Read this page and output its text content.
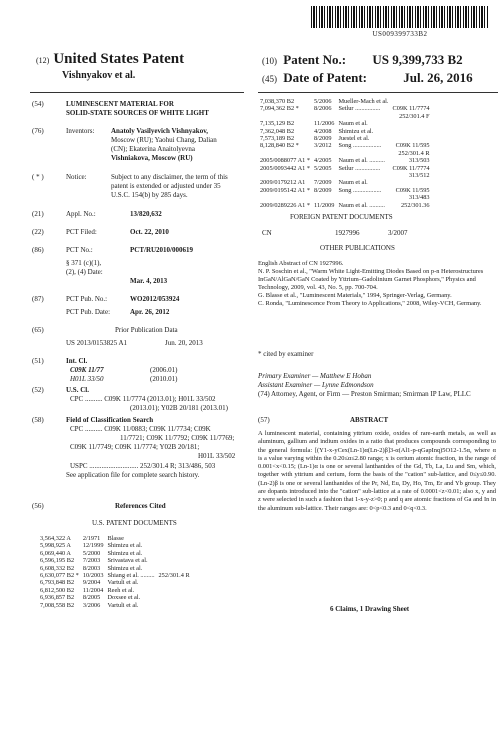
US009399733B2
(12) United States Patent
Vishnyakov et al.
(10) Patent No.: US 9,399,733 B2
(45) Date of Patent:	Jul. 26, 2016
(54)	LUMINESCENT MATERIAL FOR
SOLID-STATE SOURCES OF WHITE LIGHT
(76)	Inventors: Anatoly Vasilyevich Vishnyakov,
Moscow (RU); Yaohui Chang, Dalian
(CN); Ekaterina Anaitolyevna
Vishniakova, Moscow (RU)
( * )	Notice:	Subject to any disclaimer, the term of this
patent is extended or adjusted under 35
U.S.C. 154(b) by 285 days.
(21)	Appl. No.:	13/820,632
(22)	PCT Filed:	Oct. 22, 2010
(86)	PCT No.:	PCT/RU2010/000619
§ 371 (c)(1),
(2), (4) Date:
Mar. 4, 2013
(87)	PCT Pub. No.:	WO2012/053924
PCT Pub. Date:	Apr. 26, 2012
(65)	Prior Publication Data
US 2013/0153825 A1	Jun. 20, 2013
(51)	Int. Cl.
C09K 11/77	(2006.01)
H01L 33/50	(2010.01)
(52)	U.S. Cl.
CPC .......... C09K 11/7774 (2013.01); H01L 33/502
(2013.01); Y02B 20/181 (2013.01)
(58)	Field of Classification Search
CPC .......... C09K 11/0883; C09K 11/7734; C09K
11/7721; C09K 11/7792; C09K 11/7769;
C09K 11/7749; C09K 11/7774; Y02B 20/181;
H01L 33/502
USPC ............................ 252/301.4 R; 313/486, 503
See application file for complete search history.
(56)	References Cited
U.S. PATENT DOCUMENTS
3,564,322 A	2/1971	Blasse	
5,998,925 A	12/1999	Shimizu et al.	
6,069,440 A	5/2000	Shimizu et al.	
6,596,195 B2	7/2003	Srivastava et al.	
6,608,332 B2	8/2003	Shimizu et al.	
6,630,077 B2 *	10/2003	Shiang et al. .........	252/301.4 R
6,793,848 B2	9/2004	Vartuli et al.	
6,812,500 B2	11/2004	Reeh et al.	
6,936,857 B2	8/2005	Doxsee et al.	
7,008,558 B2	3/2006	Vartuli et al.	
7,038,370 B2	5/2006	Mueller-Mach et al.	
7,094,362 B2 *	8/2006	Setlur ................	C09K 11/7774
			252/301.4 F
7,135,129 B2	11/2006	Naum et al.	
7,362,048 B2	4/2008	Shimizu et al.	
7,573,189 B2	8/2009	Juestel et al.	
8,128,840 B2 *	3/2012	Song ..................	C09K 11/595
			252/301.4 R
2005/0088077 A1 *	4/2005	Naum et al. ..........	313/503
2005/0093442 A1 *	5/2005	Setlur ................	C09K 11/7774
			313/512
2009/0179212 A1	7/2009	Naum et al.	
2009/0195142 A1 *	8/2009	Song ..................	C09K 11/595
			313/483
2009/0289226 A1 *	11/2009	Naum et al. ..........	252/301.36
FOREIGN PATENT DOCUMENTS
CN	1927996	3/2007
OTHER PUBLICATIONS
English Abstract of CN 1927996.
N. P. Soschin et al., "Warm White Light-Emitting Diodes Based on p-n Heterostructures InGaN/AlGaN/GaN Coated by Yttrium–Gadolinium Garnet Phosphors," Physics and Technology, 2009, vol. 43, No. 5, pp. 700-704.
G. Blasse et al., "Luminescent Materials," 1994, Springer-Verlag, Germany.
C. Ronda, "Luminescence From Theory to Applications," 2008, Wiley-VCH, Germany.
* cited by examiner
Primary Examiner — Matthew E Hoban
Assistant Examiner — Lynne Edmondson
(74) Attorney, Agent, or Firm — Preston Smirman; Smirman IP Law, PLLC
(57)	ABSTRACT
A luminescent material, containing yttrium oxide, oxides of rare-earth metals, as well as aluminum, gallium and indium oxides in a ratio that produces compounds corresponding to the general formula: [(Y1-x-yCex(Ln-1)α(Ln-2)β]3-α(Al1-p-qGapInq)5O12-1.5α, where α is a value varying within the 0.20≤α≤2.80 range; x is cerium atomic fraction, in the range of 0.001<x<0.15; (Ln-1)α is one or several lanthanides of the Gd, Tb, La, Lu and Sm, which, together with yttrium and cerium, form the basis of the "cation" sub-lattice, and 0≤y≤0.90. (Ln-2)β is one or several lanthanides of the Pr, Nd, Eu, Dy, Ho, Tm, Er and Yb group. They are dopants introduced into the "cation" sub-lattice at a rate of 0.0001<z<0.01; also x, y and z were selected in such a fashion that 1-x-y-z>0; p and q are atomic fractions of Ga and In in the aluminum sub-lattice. Their ranges are: 0<p<0.3 and 0<q<0.3.
6 Claims, 1 Drawing Sheet
